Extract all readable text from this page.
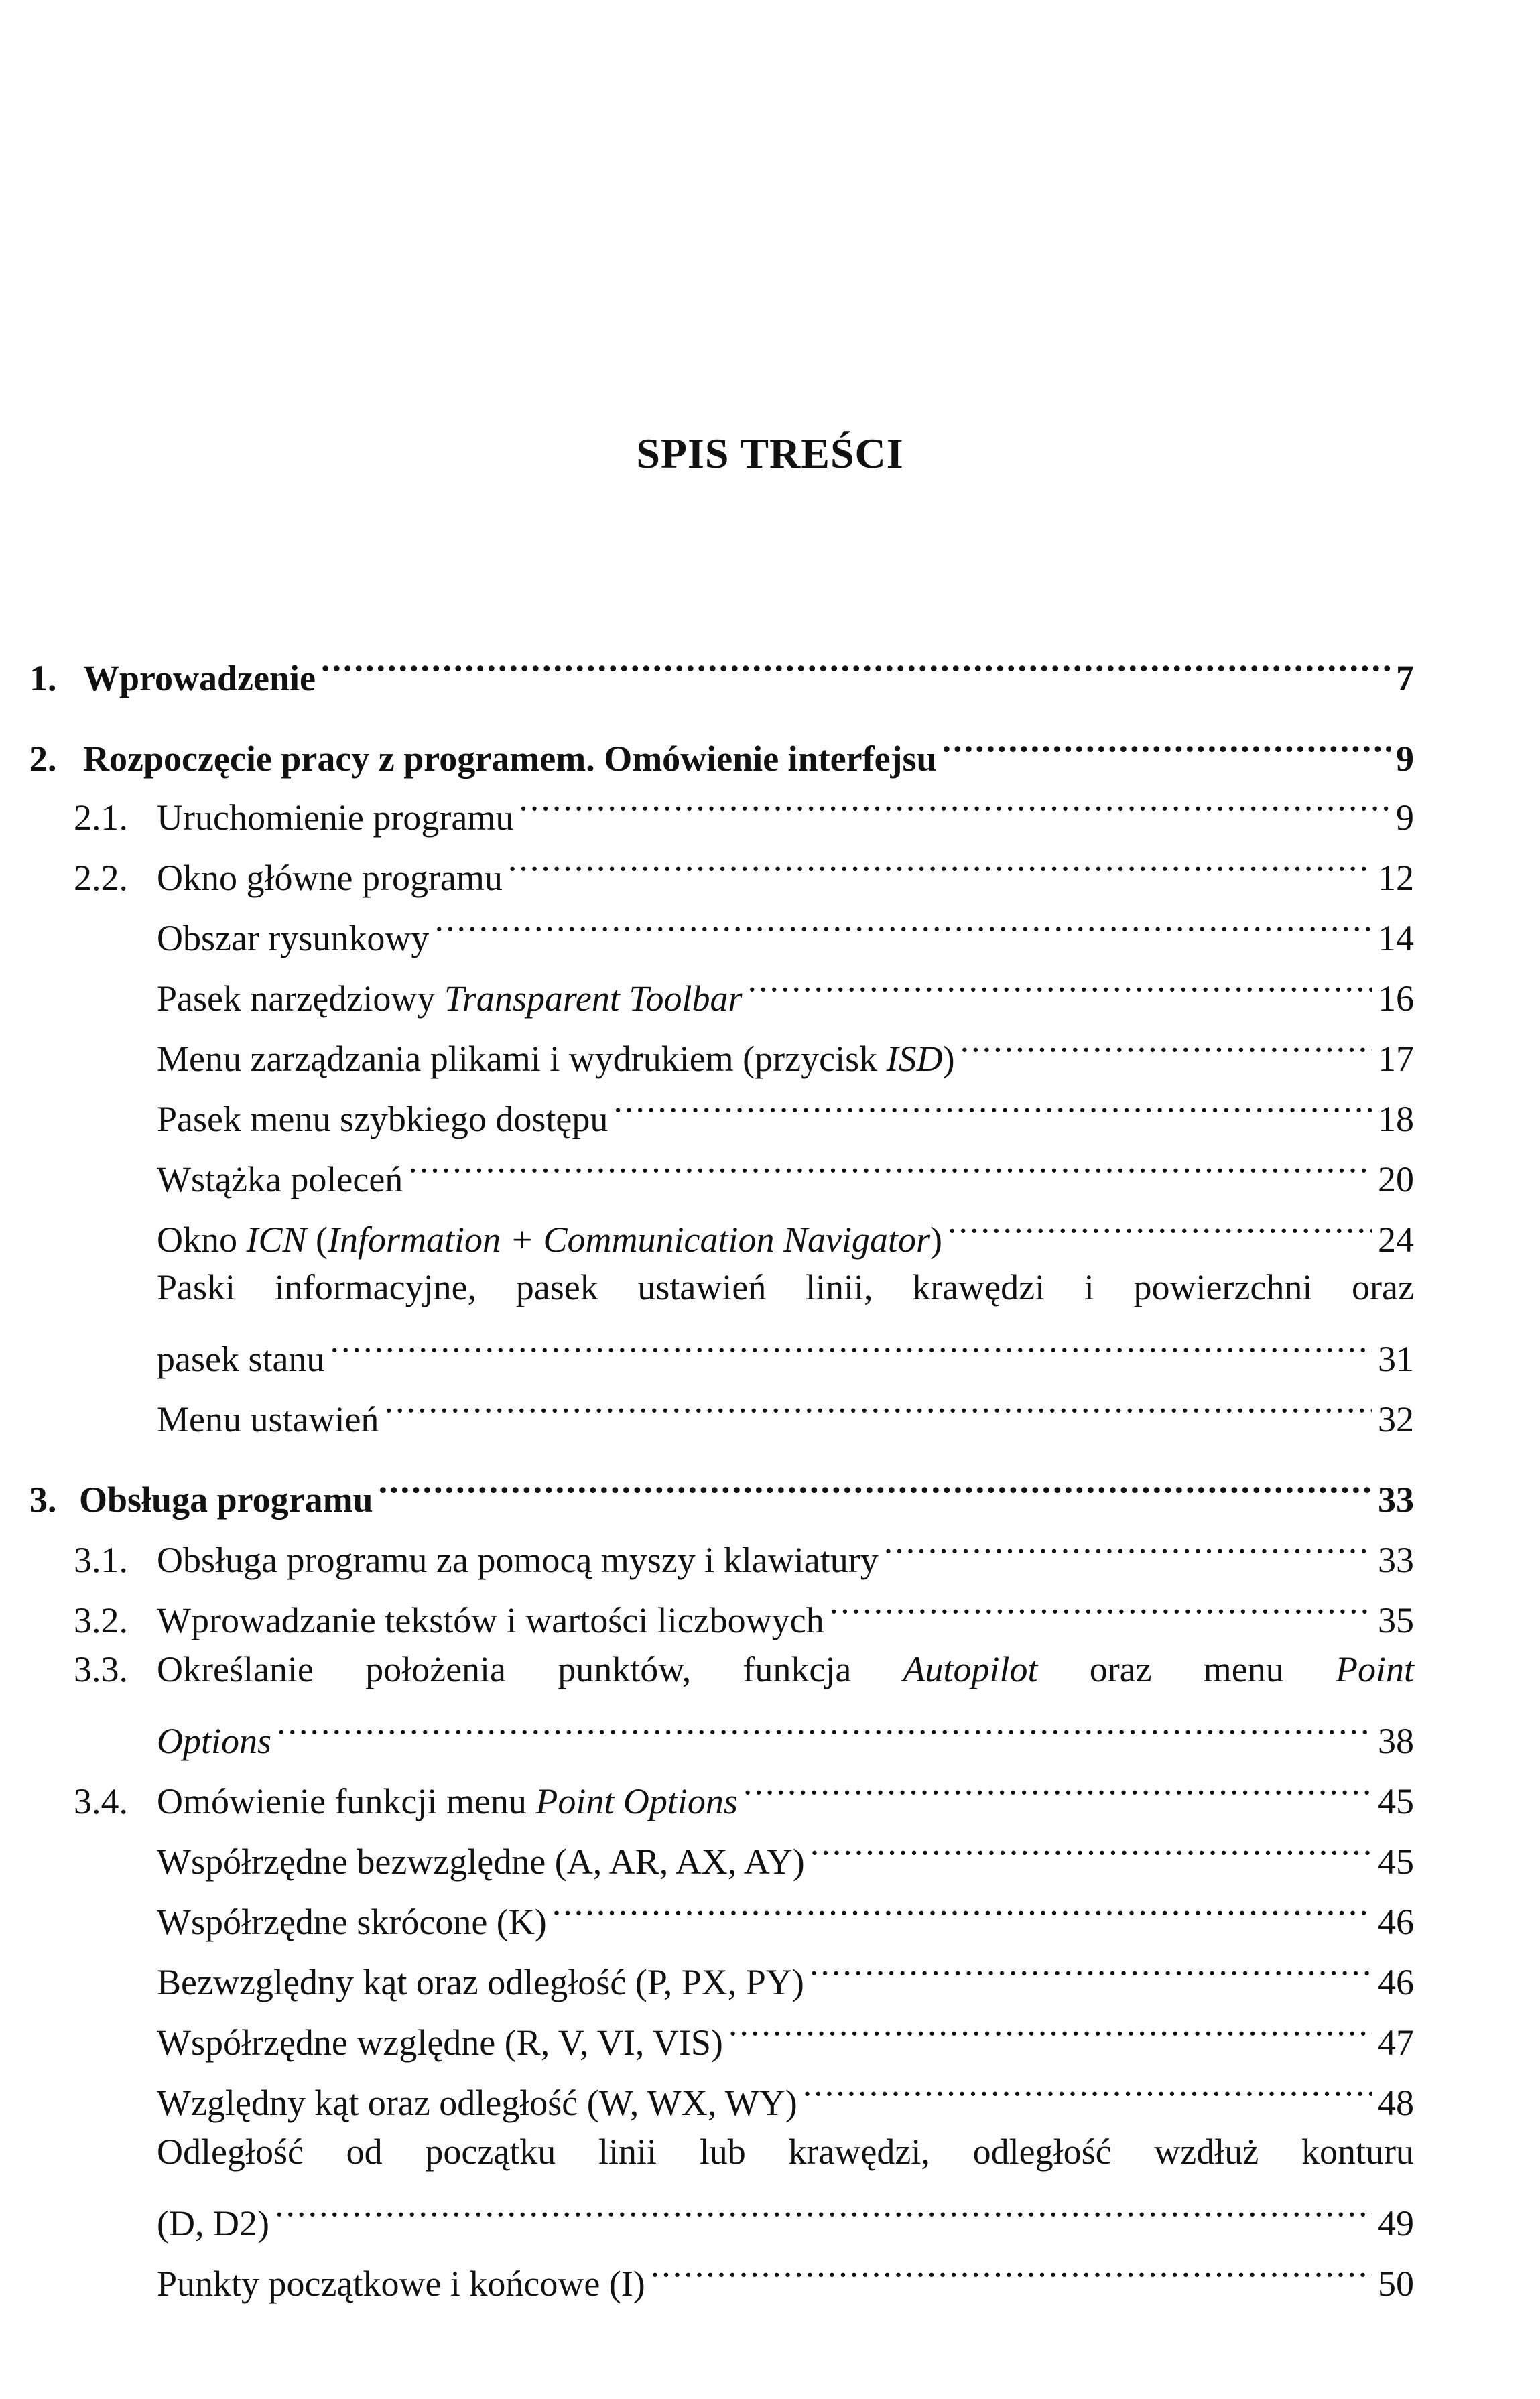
SPIS TREŚCI
1. Wprowadzenie .....	7
2. Rozpoczęcie pracy z programem. Omówienie interfejsu .....	9
2.1. Uruchomienie programu .....	9
2.2. Okno główne programu .....	12
Obszar rysunkowy .....	14
Pasek narzędziowy Transparent Toolbar .....	16
Menu zarządzania plikami i wydrukiem (przycisk ISD) .....	17
Pasek menu szybkiego dostępu .....	18
Wstążka poleceń .....	20
Okno ICN (Information + Communication Navigator) .....	24
Paski informacyjne, pasek ustawień linii, krawędzi i powierzchni oraz
pasek stanu .....	31
Menu ustawień .....	32
3. Obsługa programu .....	33
3.1. Obsługa programu za pomocą myszy i klawiatury .....	33
3.2. Wprowadzanie tekstów i wartości liczbowych .....	35
3.3. Określanie położenia punktów, funkcja Autopilot oraz menu Point
Options .....	38
3.4. Omówienie funkcji menu Point Options .....	45
Współrzędne bezwzględne (A, AR, AX, AY) .....	45
Współrzędne skrócone (K) .....	46
Bezwzględny kąt oraz odległość (P, PX, PY) .....	46
Współrzędne względne (R, V, VI, VIS) .....	47
Względny kąt oraz odległość (W, WX, WY) .....	48
Odległość od początku linii lub krawędzi, odległość wzdłuż konturu
(D, D2) .....	49
Punkty początkowe i końcowe (I) .....	50
